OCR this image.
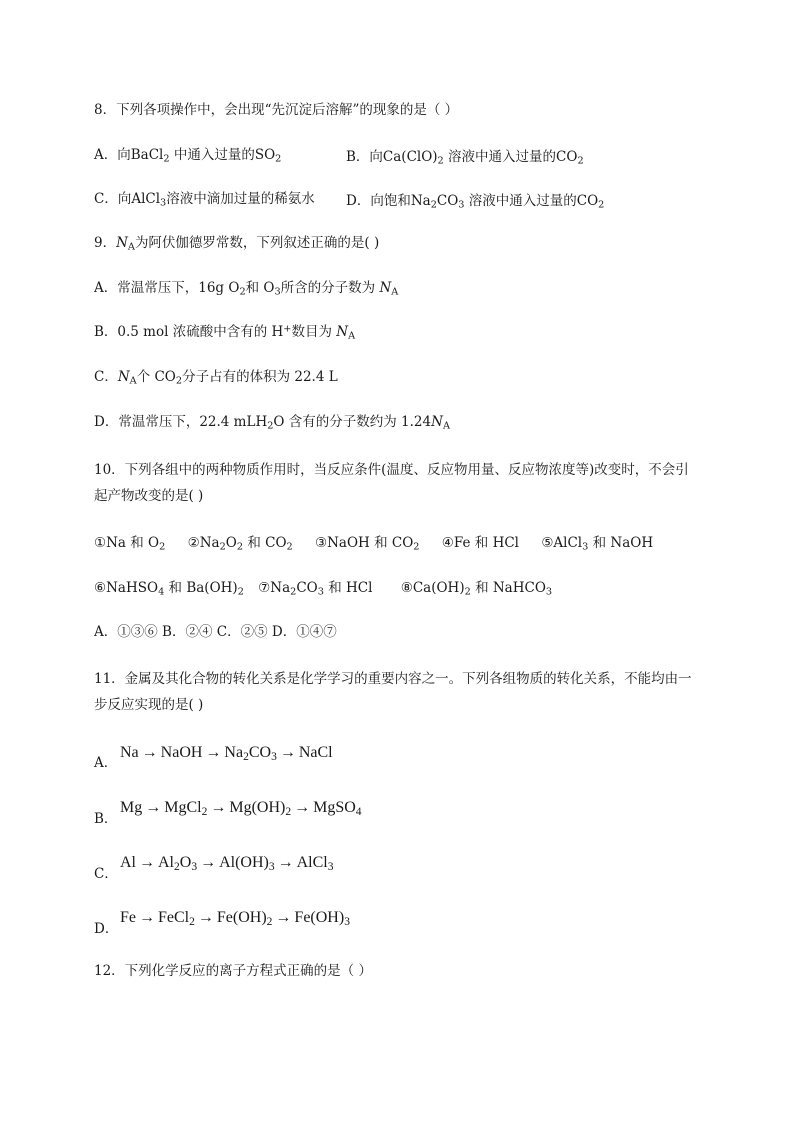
8．下列各项操作中，会出现“先沉淀后溶解”的现象的是（ ）
A．向BaCl$_2$ 中通入过量的$SO_2$	B．向$Ca(ClO)_2$ 溶液中通入过量的$CO_2$
C．向AlCl$_3$溶液中滴加过量的稀氨水 D．向饱和$Na_2CO_3$ 溶液中通入过量的$CO_2$
9．$N_A$为阿伏伽德罗常数，下列叙述正确的是( )
A．常温常压下，16g $O_2$和 $O_3$所含的分子数为 $N_A$
B．0.5 mol 浓硫酸中含有的 H+数目为 $N_A$
C．$N_A$个 $CO_2$分子占有的体积为 22.4 L
D．常温常压下，22.4 mLH$_2$O 含有的分子数约为 $1.24N_A$
10．下列各组中的两种物质作用时，当反应条件(温度、反应物用量、反应物浓度等)改变时，不会引起产物改变的是( )
①Na 和 $O_2$ $②Na_2O_2$ 和 $CO_2$ ③NaOH 和 $CO_2$ ④Fe 和 HCl ⑤AlCl$_3$ 和 NaOH
⑥NaHSO$_4$ 和 $Ba(OH)_2$ $⑦Na_2CO_3$ 和 HCl $⑧Ca(OH)_2$ 和 NaHCO$_3$
A．①③⑥ B．②④ C．②⑤ D．①④⑦
11．金属及其化合物的转化关系是化学学习的重要内容之一。下列各组物质的转化关系，不能均由一步反应实现的是( )
A．
Na → NaOH → $Na_2CO_3$ → NaCl
B．
Mg → MgCl$_2$ → $Mg(OH)_2$ → MgSO$_4$
C．
$Al \to Al_2O_3 \to Al(OH)_3$ → AlCl$_3$
D．
Fe → FeCl$_2$ → $Fe(OH)_2 \to Fe(OH)_3$
12．下列化学反应的离子方程式正确的是（ ）
